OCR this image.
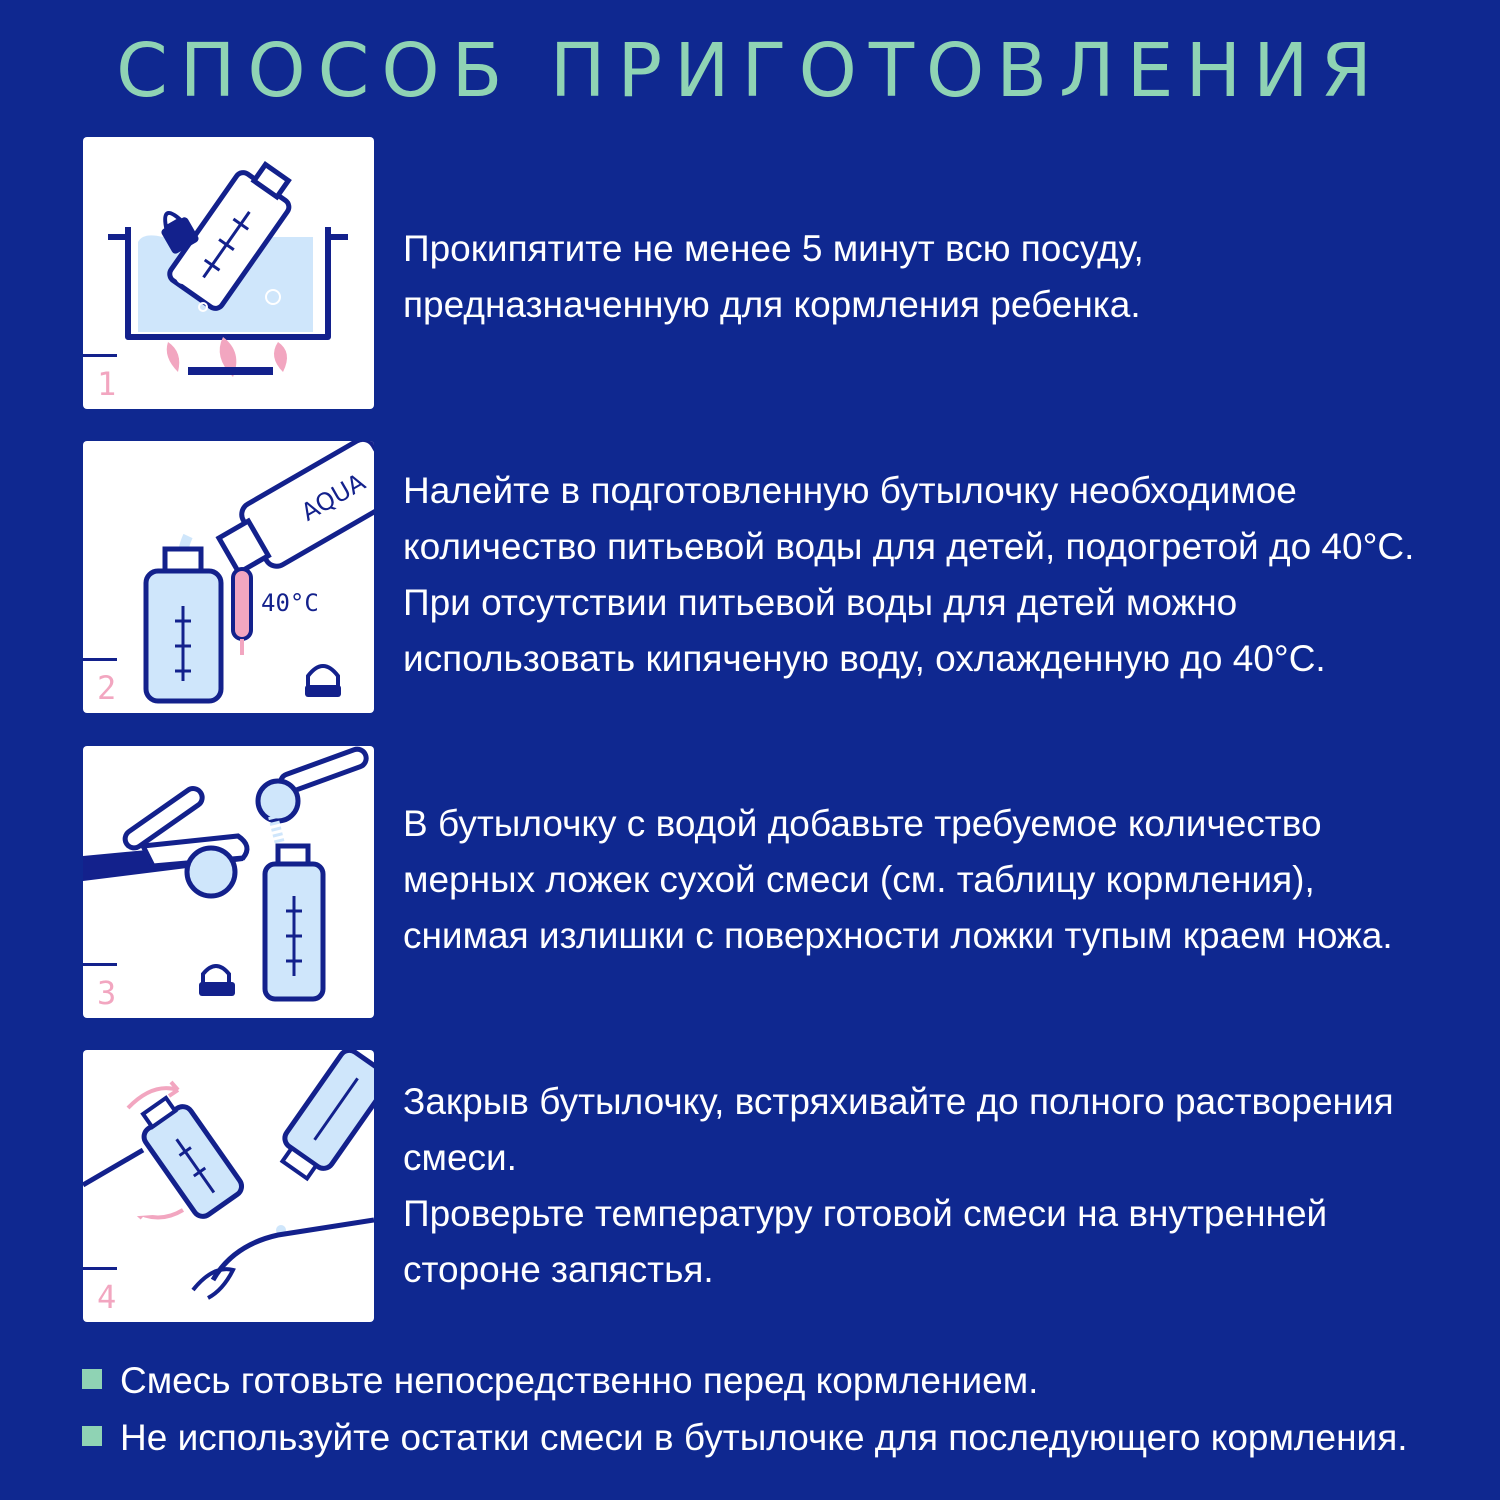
СПОСОБ ПРИГОТОВЛЕНИЯ
1
Прокипятите не менее 5 минут всю посуду,
предназначенную для кормления ребенка.
AQUA
40°C
2
Налейте в подготовленную бутылочку необходимое
количество питьевой воды для детей, подогретой до 40°С.
При отсутствии питьевой воды для детей можно
использовать кипяченую воду, охлажденную до 40°С.
3
В бутылочку с водой добавьте требуемое количество
мерных ложек сухой смеси (см. таблицу кормления),
снимая излишки с поверхности ложки тупым краем ножа.
4
Закрыв бутылочку, встряхивайте до полного растворения
смеси.
Проверьте температуру готовой смеси на внутренней
стороне запястья.
Смесь готовьте непосредственно перед кормлением.
Не используйте остатки смеси в бутылочке для последующего кормления.
